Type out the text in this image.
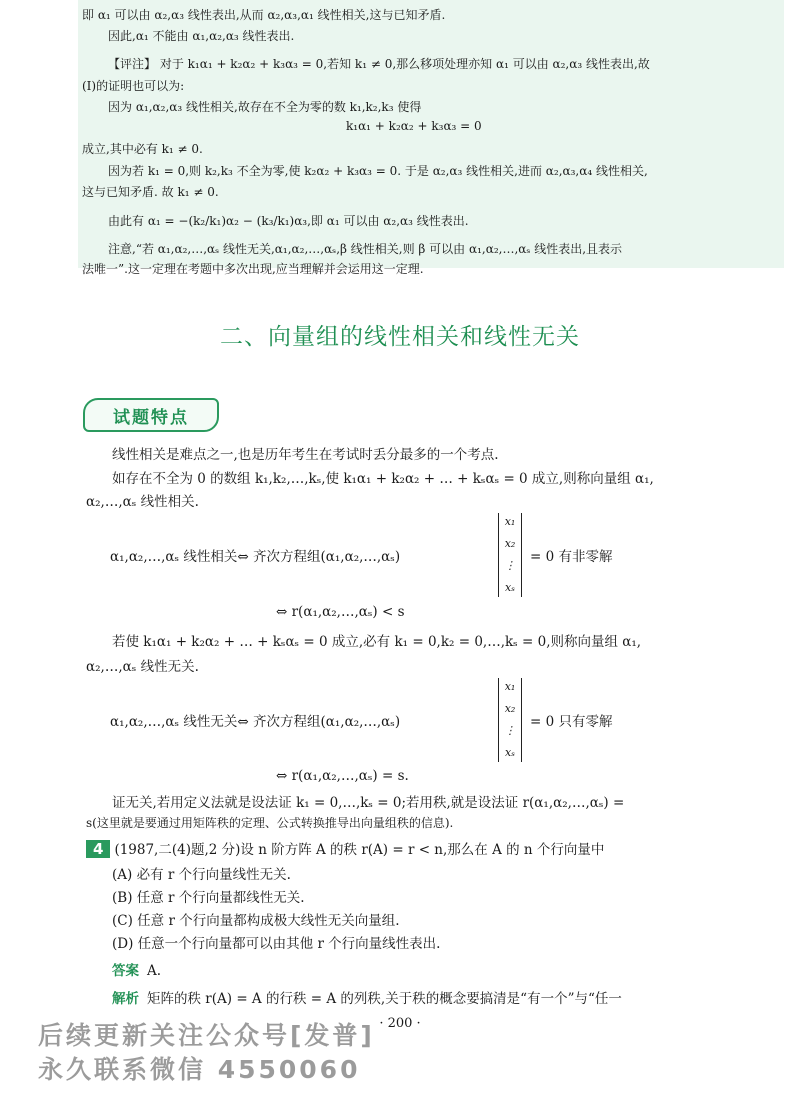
即 α₁ 可以由 α₂,α₃ 线性表出,从而 α₂,α₃,α₁ 线性相关,这与已知矛盾.
因此,α₁ 不能由 α₁,α₂,α₃ 线性表出.
【评注】 对于 k₁α₁ + k₂α₂ + k₃α₃ = 0,若知 k₁ ≠ 0,那么移项处理亦知 α₁ 可以由 α₂,α₃ 线性表出,故
(Ⅰ)的证明也可以为:
因为 α₁,α₂,α₃ 线性相关,故存在不全为零的数 k₁,k₂,k₃ 使得
k₁α₁ + k₂α₂ + k₃α₃ = 0
成立,其中必有 k₁ ≠ 0.
因为若 k₁ = 0,则 k₂,k₃ 不全为零,使 k₂α₂ + k₃α₃ = 0. 于是 α₂,α₃ 线性相关,进而 α₂,α₃,α₄ 线性相关,
这与已知矛盾. 故 k₁ ≠ 0.
由此有 α₁ = −(k₂/k₁)α₂ − (k₃/k₁)α₃,即 α₁ 可以由 α₂,α₃ 线性表出.
注意,“若 α₁,α₂,…,αₛ 线性无关,α₁,α₂,…,αₛ,β 线性相关,则 β 可以由 α₁,α₂,…,αₛ 线性表出,且表示
法唯一”.这一定理在考题中多次出现,应当理解并会运用这一定理.
二、向量组的线性相关和线性无关
试题特点
线性相关是难点之一,也是历年考生在考试时丢分最多的一个考点.
如存在不全为 0 的数组 k₁,k₂,…,kₛ,使 k₁α₁ + k₂α₂ + … + kₛαₛ = 0 成立,则称向量组 α₁,
α₂,…,αₛ 线性相关.
α₁,α₂,…,αₛ 线性相关⇔ 齐次方程组(α₁,α₂,…,αₛ)
x₁
x₂
⋮
xₛ
= 0 有非零解
⇔ r(α₁,α₂,…,αₛ) < s
若使 k₁α₁ + k₂α₂ + … + kₛαₛ = 0 成立,必有 k₁ = 0,k₂ = 0,…,kₛ = 0,则称向量组 α₁,
α₂,…,αₛ 线性无关.
α₁,α₂,…,αₛ 线性无关⇔ 齐次方程组(α₁,α₂,…,αₛ)
x₁
x₂
⋮
xₛ
= 0 只有零解
⇔ r(α₁,α₂,…,αₛ) = s.
证无关,若用定义法就是设法证 k₁ = 0,…,kₛ = 0;若用秩,就是设法证 r(α₁,α₂,…,αₛ) =
s(这里就是要通过用矩阵秩的定理、公式转换推导出向量组秩的信息).
4 (1987,二(4)题,2 分)设 n 阶方阵 A 的秩 r(A) = r < n,那么在 A 的 n 个行向量中
(A) 必有 r 个行向量线性无关.
(B) 任意 r 个行向量都线性无关.
(C) 任意 r 个行向量都构成极大线性无关向量组.
(D) 任意一个行向量都可以由其他 r 个行向量线性表出.
答案 A.
解析 矩阵的秩 r(A) = A 的行秩 = A 的列秩,关于秩的概念要搞清是“有一个”与“任一
· 200 ·
后续更新关注公众号[发普]
永久联系微信 4550060
